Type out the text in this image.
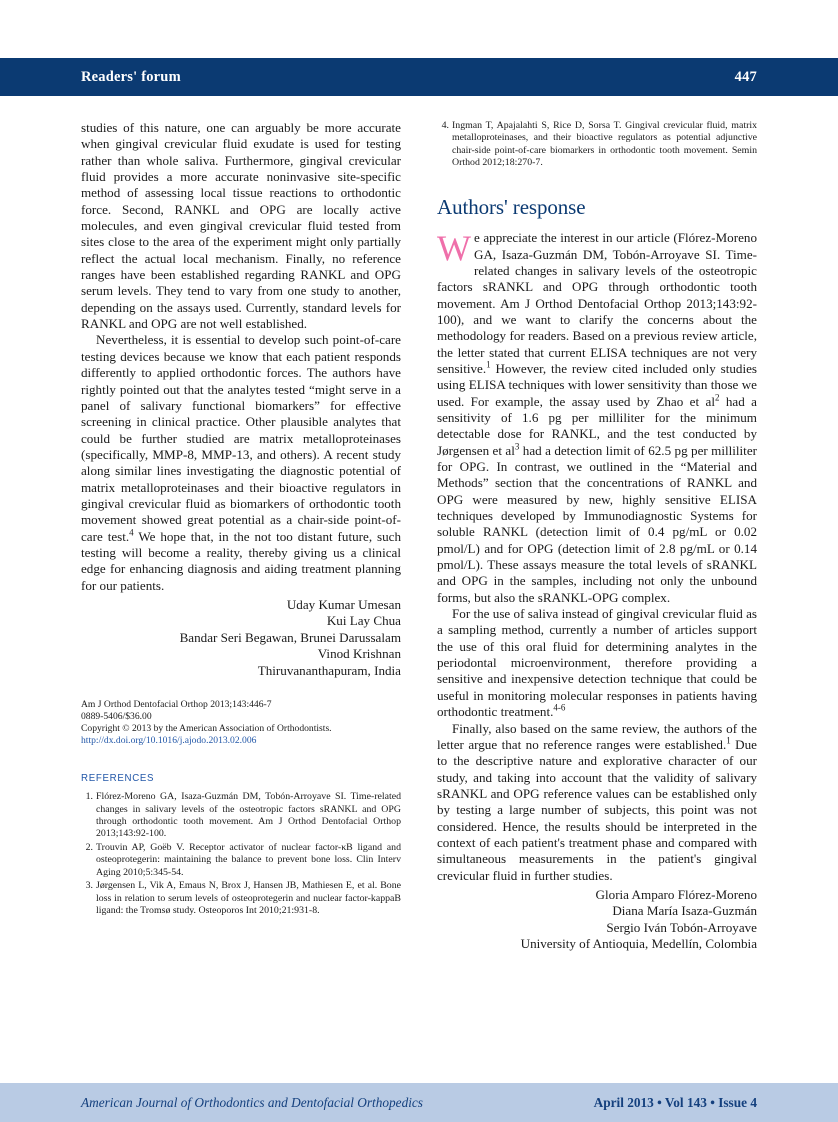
Readers' forum	447

studies of this nature, one can arguably be more accurate when gingival crevicular fluid exudate is used for testing rather than whole saliva. Furthermore, gingival crevicular fluid provides a more accurate noninvasive site-specific method of assessing local tissue reactions to orthodontic force. Second, RANKL and OPG are locally active molecules, and even gingival crevicular fluid tested from sites close to the area of the experiment might only partially reflect the actual local mechanism. Finally, no reference ranges have been established regarding RANKL and OPG serum levels. They tend to vary from one study to another, depending on the assays used. Currently, standard levels for RANKL and OPG are not well established.

Nevertheless, it is essential to develop such point-of-care testing devices because we know that each patient responds differently to applied orthodontic forces. The authors have rightly pointed out that the analytes tested “might serve in a panel of salivary functional biomarkers” for effective screening in clinical practice. Other plausible analytes that could be further studied are matrix metalloproteinases (specifically, MMP-8, MMP-13, and others). A recent study along similar lines investigating the diagnostic potential of matrix metalloproteinases and their bioactive regulators in gingival crevicular fluid as biomarkers of orthodontic tooth movement showed great potential as a chair-side point-of-care test.$^4$ We hope that, in the not too distant future, such testing will become a reality, thereby giving us a clinical edge for enhancing diagnosis and aiding treatment planning for our patients.

Uday Kumar Umesan
Kui Lay Chua
Bandar Seri Begawan, Brunei Darussalam
Vinod Krishnan
Thiruvananthapuram, India
Am J Orthod Dentofacial Orthop 2013;143:446-7
0889-5406/$36.00
Copyright © 2013 by the American Association of Orthodontists.
http://dx.doi.org/10.1016/j.ajodo.2013.02.006
REFERENCES
1. Flórez-Moreno GA, Isaza-Guzmán DM, Tobón-Arroyave SI. Time-related changes in salivary levels of the osteotropic factors sRANKL and OPG through orthodontic tooth movement. Am J Orthod Dentofacial Orthop 2013;143:92-100.
2. Trouvin AP, Goëb V. Receptor activator of nuclear factor-κB ligand and osteoprotegerin: maintaining the balance to prevent bone loss. Clin Interv Aging 2010;5:345-54.
3. Jørgensen L, Vik A, Emaus N, Brox J, Hansen JB, Mathiesen E, et al. Bone loss in relation to serum levels of osteoprotegerin and nuclear factor-kappaB ligand: the Tromsø study. Osteoporos Int 2010;21:931-8.
4. Ingman T, Apajalahti S, Rice D, Sorsa T. Gingival crevicular fluid, matrix metalloproteinases, and their bioactive regulators as potential adjunctive chair-side point-of-care biomarkers in orthodontic tooth movement. Semin Orthod 2012;18:270-7.
Authors' response

We appreciate the interest in our article (Flórez-Moreno GA, Isaza-Guzmán DM, Tobón-Arroyave SI. Time-related changes in salivary levels of the osteotropic factors sRANKL and OPG through orthodontic tooth movement. Am J Orthod Dentofacial Orthop 2013;143:92-100), and we want to clarify the concerns about the methodology for readers. Based on a previous review article, the letter stated that current ELISA techniques are not very sensitive.$^1$ However, the review cited included only studies using ELISA techniques with lower sensitivity than those we used. For example, the assay used by Zhao et $al^2$ had a sensitivity of 1.6 pg per milliliter for the minimum detectable dose for RANKL, and the test conducted by Jørgensen et $al^3$ had a detection limit of 62.5 pg per milliliter for OPG. In contrast, we outlined in the “Material and Methods” section that the concentrations of RANKL and OPG were measured by new, highly sensitive ELISA techniques developed by Immunodiagnostic Systems for soluble RANKL (detection limit of 0.4 pg/mL or 0.02 pmol/L) and for OPG (detection limit of 2.8 pg/mL or 0.14 pmol/L). These assays measure the total levels of sRANKL and OPG in the samples, including not only the unbound forms, but also the sRANKL-OPG complex.

For the use of saliva instead of gingival crevicular fluid as a sampling method, currently a number of articles support the use of this oral fluid for determining analytes in the periodontal microenvironment, therefore providing a sensitive and inexpensive detection technique that could be useful in monitoring molecular responses in patients having orthodontic treatment.$^{4-6}$

Finally, also based on the same review, the authors of the letter argue that no reference ranges were established.$^1$ Due to the descriptive nature and explorative character of our study, and taking into account that the validity of salivary sRANKL and OPG reference values can be established only by testing a large number of subjects, this point was not considered. Hence, the results should be interpreted in the context of each patient's treatment phase and compared with simultaneous measurements in the patient's gingival crevicular fluid in further studies.

Gloria Amparo Flórez-Moreno
Diana María Isaza-Guzmán
Sergio Iván Tobón-Arroyave
University of Antioquia, Medellín, Colombia
American Journal of Orthodontics and Dentofacial Orthopedics	April 2013 • Vol 143 • Issue 4
